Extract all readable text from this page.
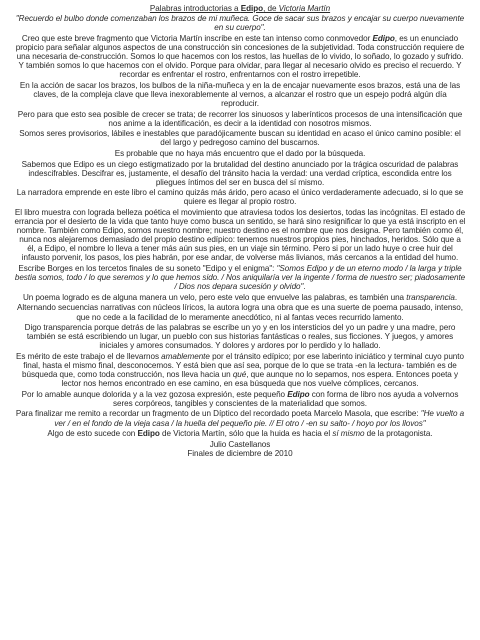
Palabras introductorias a Edipo, de Victoria Martín

"Recuerdo el bulbo donde comenzaban los brazos de mi muñeca. Goce de sacar sus brazos y encajar su cuerpo nuevamente en su cuerpo".

Creo que este breve fragmento que Victoria Martín inscribe en este tan intenso como conmovedor Edipo, es un enunciado propicio para señalar algunos aspectos de una construcción sin concesiones de la subjetividad. Toda construcción requiere de una necesaria de-construcción. Somos lo que hacemos con los restos, las huellas de lo vivido, lo soñado, lo gozado y sufrido. Y también somos lo que hacemos con el olvido. Porque para olvidar, para llegar al necesario olvido es preciso el recuerdo. Y recordar es enfrentar el rostro, enfrentarnos con el rostro irrepetible.

En la acción de sacar los brazos, los bulbos de la niña-muñeca y en la de encajar nuevamente esos brazos, está una de las claves, de la compleja clave que lleva inexorablemente al vernos, a alcanzar el rostro que un espejo podrá algún día reproducir.

Pero para que esto sea posible de crecer se trata; de recorrer los sinuosos y laberínticos procesos de una intensificación que nos anime a la identificación, es decir a la identidad con nosotros mismos.

Somos seres provisorios, lábiles e inestables que paradójicamente buscan su identidad en acaso el único camino posible: el del largo y pedregoso camino del buscarnos.

Es probable que no haya más encuentro que el dado por la búsqueda.

Sabemos que Edipo es un ciego estigmatizado por la brutalidad del destino anunciado por la trágica oscuridad de palabras indescifrables. Descifrar es, justamente, el desafío del tránsito hacia la verdad: una verdad críptica, escondida entre los pliegues íntimos del ser en busca del sí mismo.

La narradora emprende en este libro el camino quizás más árido, pero acaso el único verdaderamente adecuado, si lo que se quiere es llegar al propio rostro.

El libro muestra con lograda belleza poética el movimiento que atraviesa todos los desiertos, todas las incógnitas. El estado de errancia por el desierto de la vida que tanto huye como busca un sentido, se hará sino resignificar lo que ya está inscripto en el nombre. También como Edipo, somos nuestro nombre; nuestro destino es el nombre que nos designa. Pero también como él, nunca nos alejaremos demasiado del propio destino edípico: tenemos nuestros propios pies, hinchados, heridos. Sólo que a él, a Edipo, el nombre lo lleva a tener más aún sus pies, en un viaje sin término. Pero si por un lado huye o cree huir del infausto porvenir, los pasos, los pies habrán, por ese andar, de volverse más livianos, más cercanos a la entidad del humo.

Escribe Borges en los tercetos finales de su soneto "Edipo y el enigma": "Somos Edipo y de un eterno modo / la larga y triple bestia somos, todo / lo que seremos y lo que hemos sido. / Nos aniquilaría ver la ingente / forma de nuestro ser; piadosamente / Dios nos depara sucesión y olvido".

Un poema logrado es de alguna manera un velo, pero este velo que envuelve las palabras, es también una transparencia.

Alternando secuencias narrativas con núcleos líricos, la autora logra una obra que es una suerte de poema pausado, intenso, que no cede a la facilidad de lo meramente anecdótico, ni al fantas veces recurrido lamento.

Digo transparencia porque detrás de las palabras se escribe un yo y en los intersticios del yo un padre y una madre, pero también se está escribiendo un lugar, un pueblo con sus historias fantásticas o reales, sus ficciones. Y juegos, y amores iniciales y amores consumados. Y dolores y ardores por lo perdido y lo hallado.

Es mérito de este trabajo el de llevarnos amablemente por el tránsito edípico; por ese laberinto iniciático y terminal cuyo punto final, hasta el mismo final, desconocemos. Y está bien que así sea, porque de lo que se trata -en la lectura- también es de búsqueda que, como toda construcción, nos lleva hacia un qué, que aunque no lo sepamos, nos espera. Entonces poeta y lector nos hemos encontrado en ese camino, en esa búsqueda que nos vuelve cómplices, cercanos.

Por lo amable aunque dolorida y a la vez gozosa expresión, este pequeño Edipo con forma de libro nos ayuda a volvernos seres corpóreos, tangibles y conscientes de la materialidad que somos.

Para finalizar me remito a recordar un fragmento de un Díptico del recordado poeta Marcelo Masola, que escribe: "He vuelto a ver / en el fondo de la vieja casa / la huella del pequeño pie. // El otro / -en su salto- / hoyo por los llovos"

Algo de esto sucede con Edipo de Victoria Martín, sólo que la huida es hacia el sí mismo de la protagonista.

Julio Castellanos
Finales de diciembre de 2010
